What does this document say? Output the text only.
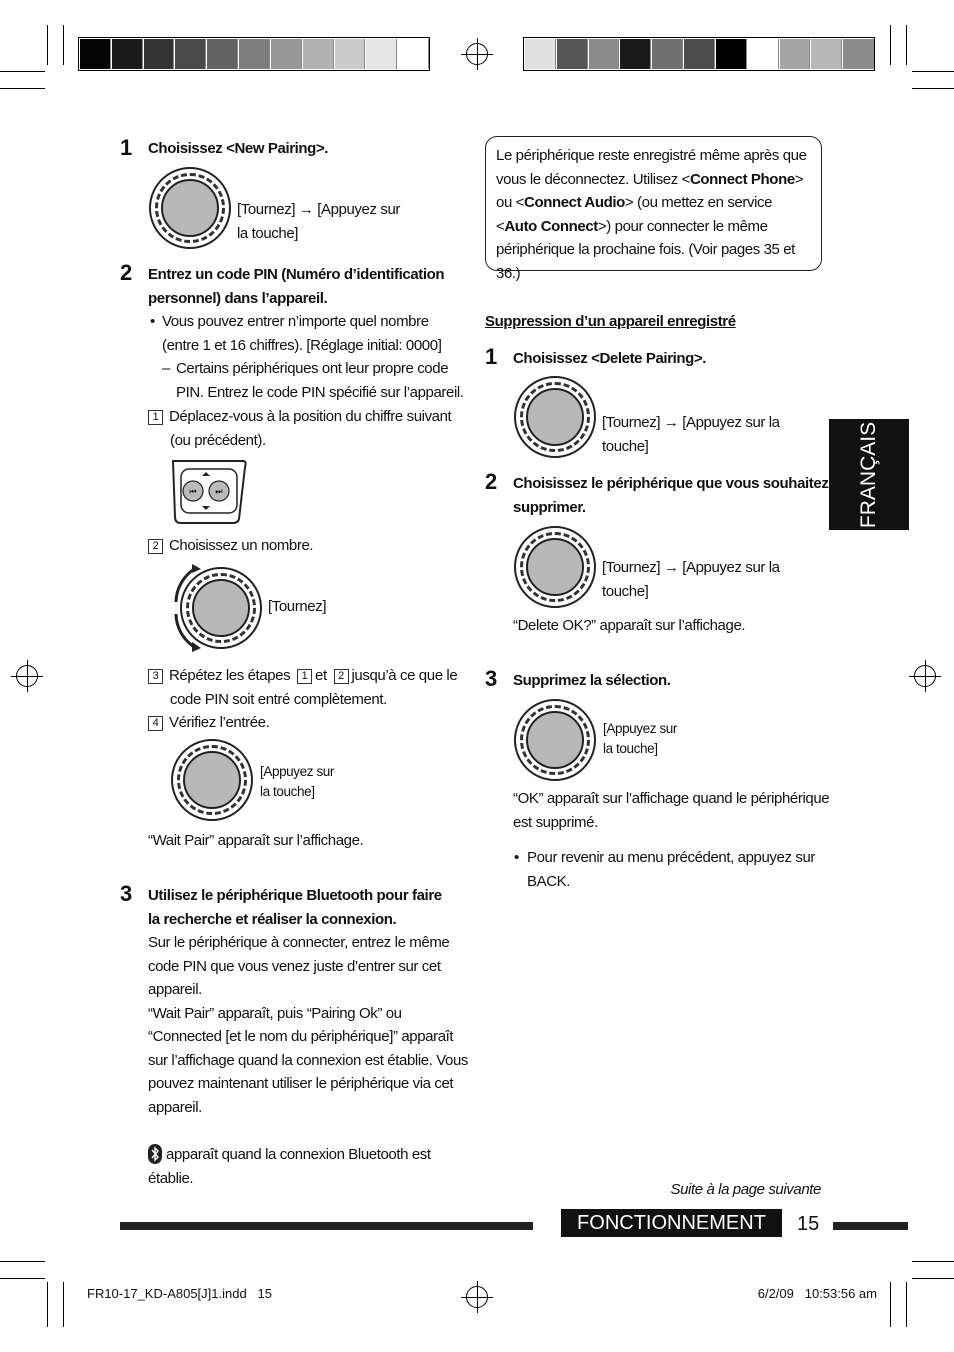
1 Choisissez <New Pairing>.
[Tournez] → [Appuyez sur
la touche]
2 Entrez un code PIN (Numéro d’identification
personnel) dans l’appareil.
• Vous pouvez entrer n’importe quel nombre
(entre 1 et 16 chiffres). [Réglage initial: 0000]
– Certains périphériques ont leur propre code
PIN. Entrez le code PIN spécifié sur l’appareil.
1 Déplacez-vous à la position du chiffre suivant
(ou précédent).
⏮ ⏭
2 Choisissez un nombre.
[Tournez]
3 Répétez les étapes 1 et 2 jusqu’à ce que le
code PIN soit entré complètement.
4 Vérifiez l’entrée.
[Appuyez sur
la touche]
“Wait Pair” apparaît sur l’affichage.
3 Utilisez le périphérique Bluetooth pour faire
la recherche et réaliser la connexion.
Sur le périphérique à connecter, entrez le même
code PIN que vous venez juste d’entrer sur cet
appareil.
“Wait Pair” apparaît, puis “Pairing Ok” ou
“Connected [et le nom du périphérique]” apparaît
sur l’affichage quand la connexion est établie. Vous
pouvez maintenant utiliser le périphérique via cet
appareil.
apparaît quand la connexion Bluetooth est
établie.
Le périphérique reste enregistré même après que
vous le déconnectez. Utilisez <Connect Phone>
ou <Connect Audio> (ou mettez en service
<Auto Connect>) pour connecter le même
périphérique la prochaine fois. (Voir pages 35 et 36.)
Suppression d’un appareil enregistré
1 Choisissez <Delete Pairing>.
[Tournez] → [Appuyez sur la
touche]
2 Choisissez le périphérique que vous souhaitez
supprimer.
[Tournez] → [Appuyez sur la
touche]
“Delete OK?” apparaît sur l’affichage.
3 Supprimez la sélection.
[Appuyez sur
la touche]
“OK” apparaît sur l’affichage quand le périphérique
est supprimé.
• Pour revenir au menu précédent, appuyez sur
BACK.
FRANÇAIS
Suite à la page suivante
FONCTIONNEMENT	15
FR10-17_KD-A805[J]1.indd   15	6/2/09   10:53:56 am
